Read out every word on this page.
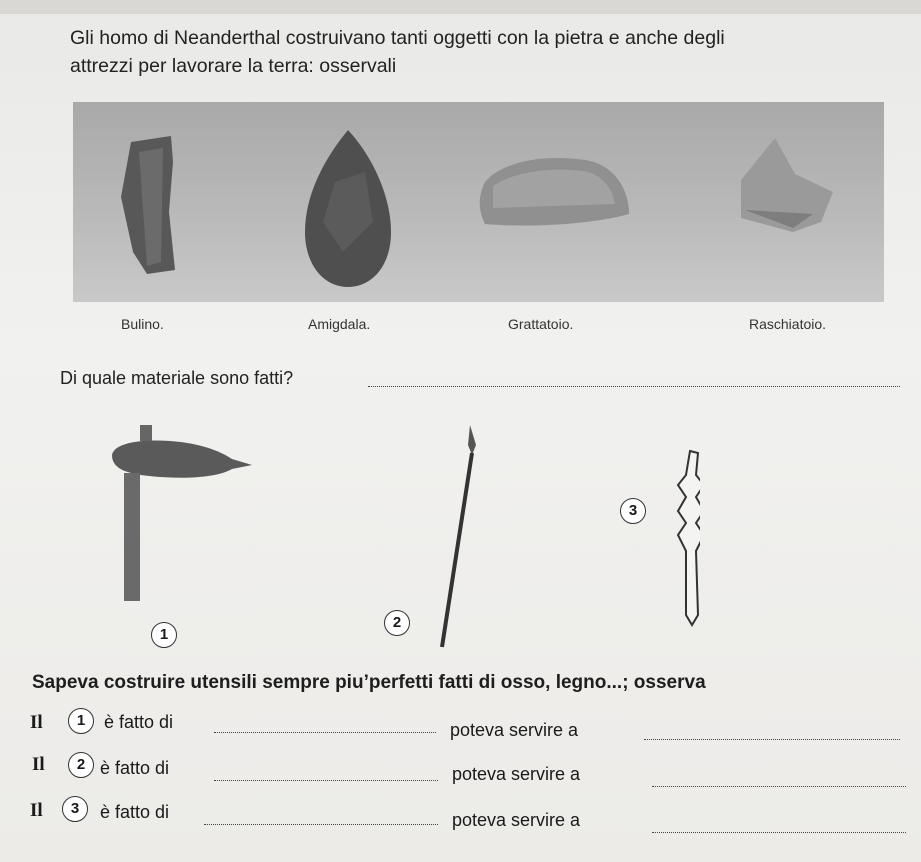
Gli homo di Neanderthal costruivano tanti oggetti con la pietra e anche degli
attrezzi per lavorare la terra: osservali
Bulino.	Amigdala.	Grattatoio.	Raschiatoio.
Di quale materiale sono fatti?
1
2
3
Sapeva costruire utensili sempre piu’perfetti fatti di osso, legno...; osserva
Il	1	è fatto di	poteva servire a
Il	2 è fatto di	poteva servire a
Il	3	è fatto di	poteva servire a
